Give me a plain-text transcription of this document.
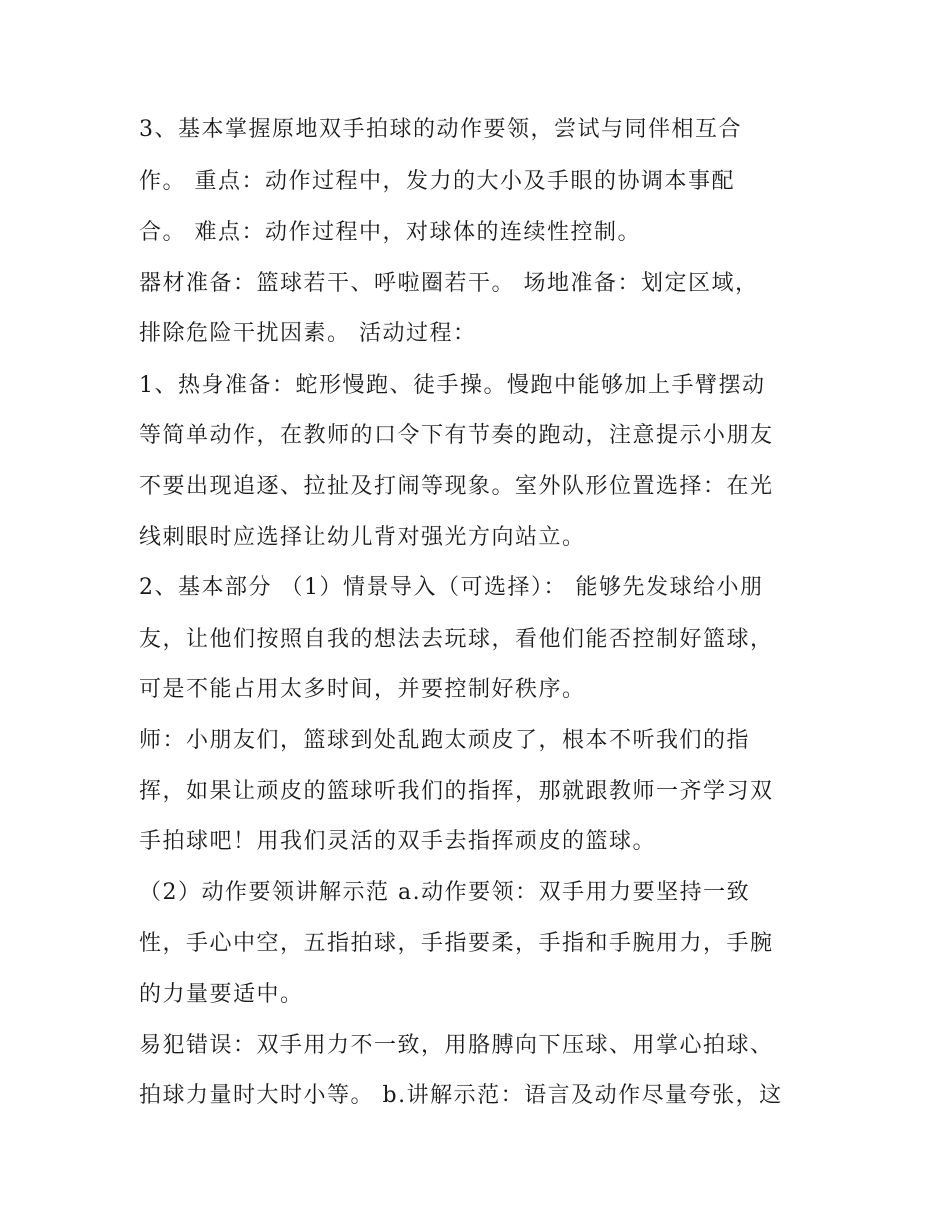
3、基本掌握原地双手拍球的动作要领，尝试与同伴相互合
作。 重点：动作过程中，发力的大小及手眼的协调本事配
合。 难点：动作过程中，对球体的连续性控制。
器材准备：篮球若干、呼啦圈若干。 场地准备：划定区域，
排除危险干扰因素。 活动过程：
1、热身准备：蛇形慢跑、徒手操。慢跑中能够加上手臂摆动
等简单动作，在教师的口令下有节奏的跑动，注意提示小朋友
不要出现追逐、拉扯及打闹等现象。室外队形位置选择：在光
线刺眼时应选择让幼儿背对强光方向站立。
2、基本部分 （1）情景导入（可选择）： 能够先发球给小朋
友，让他们按照自我的想法去玩球，看他们能否控制好篮球，
可是不能占用太多时间，并要控制好秩序。
师：小朋友们，篮球到处乱跑太顽皮了，根本不听我们的指
挥，如果让顽皮的篮球听我们的指挥，那就跟教师一齐学习双
手拍球吧！用我们灵活的双手去指挥顽皮的篮球。
（2）动作要领讲解示范 a.动作要领：双手用力要坚持一致
性，手心中空，五指拍球，手指要柔，手指和手腕用力，手腕
的力量要适中。
易犯错误：双手用力不一致，用胳膊向下压球、用掌心拍球、
拍球力量时大时小等。 b.讲解示范：语言及动作尽量夸张，这
